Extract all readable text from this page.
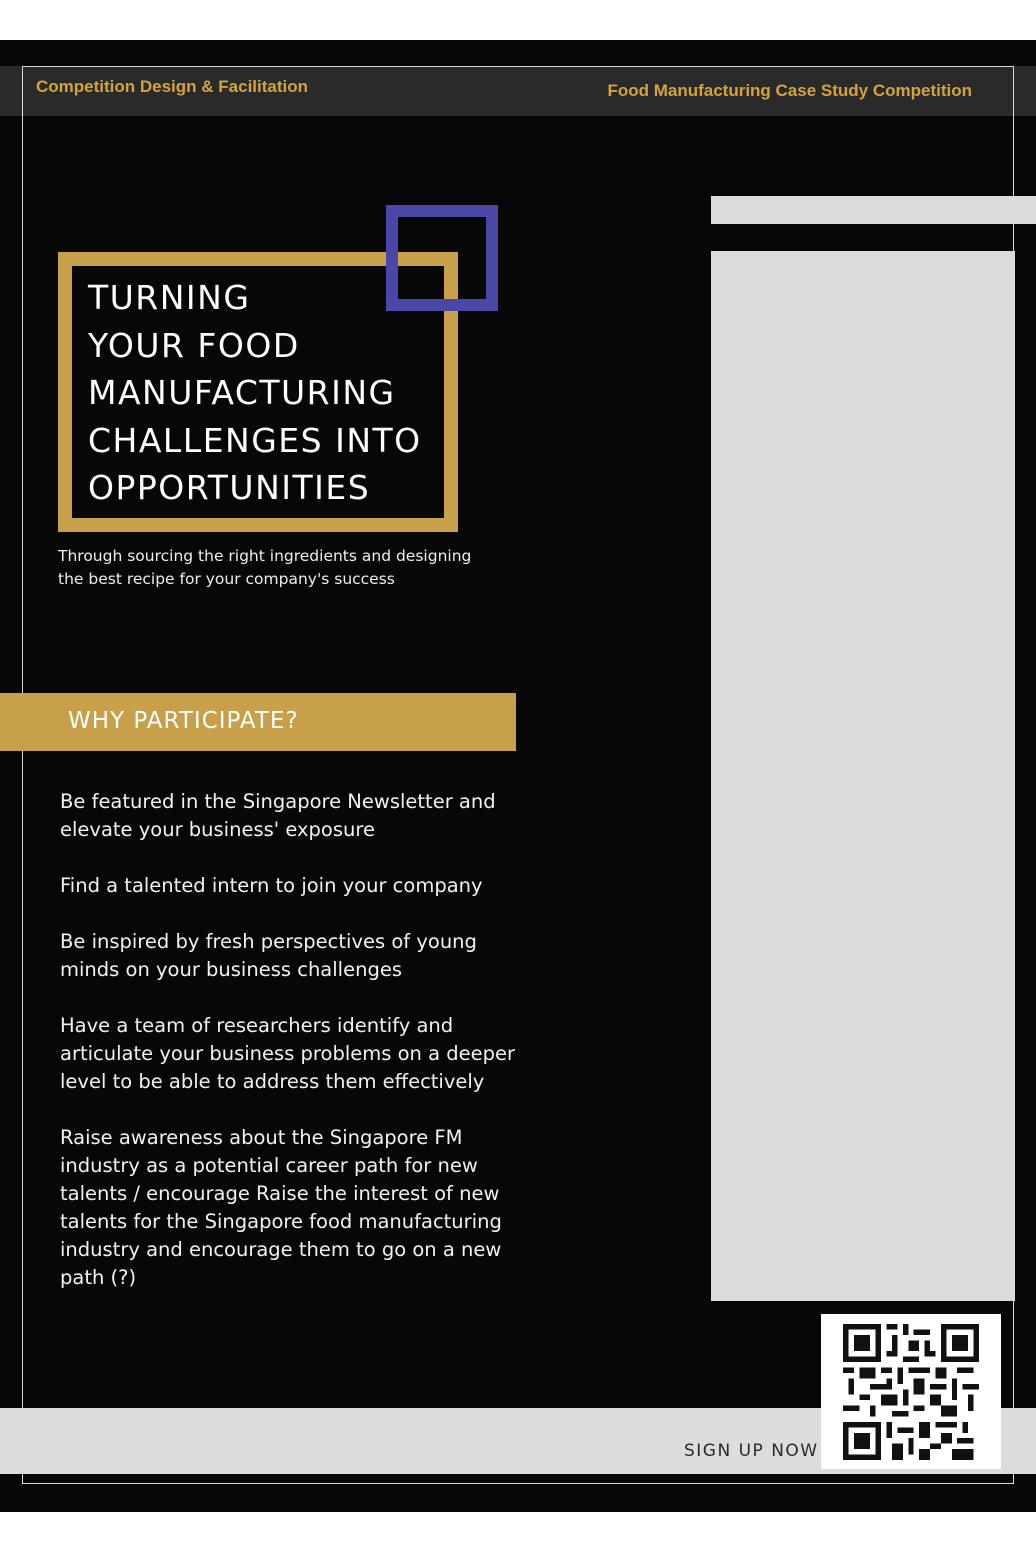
Competition Design & Facilitation	Food Manufacturing Case Study Competition
TURNING
YOUR FOOD
MANUFACTURING
CHALLENGES INTO
OPPORTUNITIES

Through sourcing the right ingredients and designing the best recipe for your company's success

WHY PARTICIPATE?
Be featured in the Singapore Newsletter and elevate your business' exposure
Find a talented intern to join your company
Be inspired by fresh perspectives of young minds on your business challenges
Have a team of researchers identify and articulate your business problems on a deeper level to be able to address them effectively
Raise awareness about the Singapore FM industry as a potential career path for new talents / encourage Raise the interest of new talents for the Singapore food manufacturing industry and encourage them to go on a new path (?)
SIGN UP NOW
